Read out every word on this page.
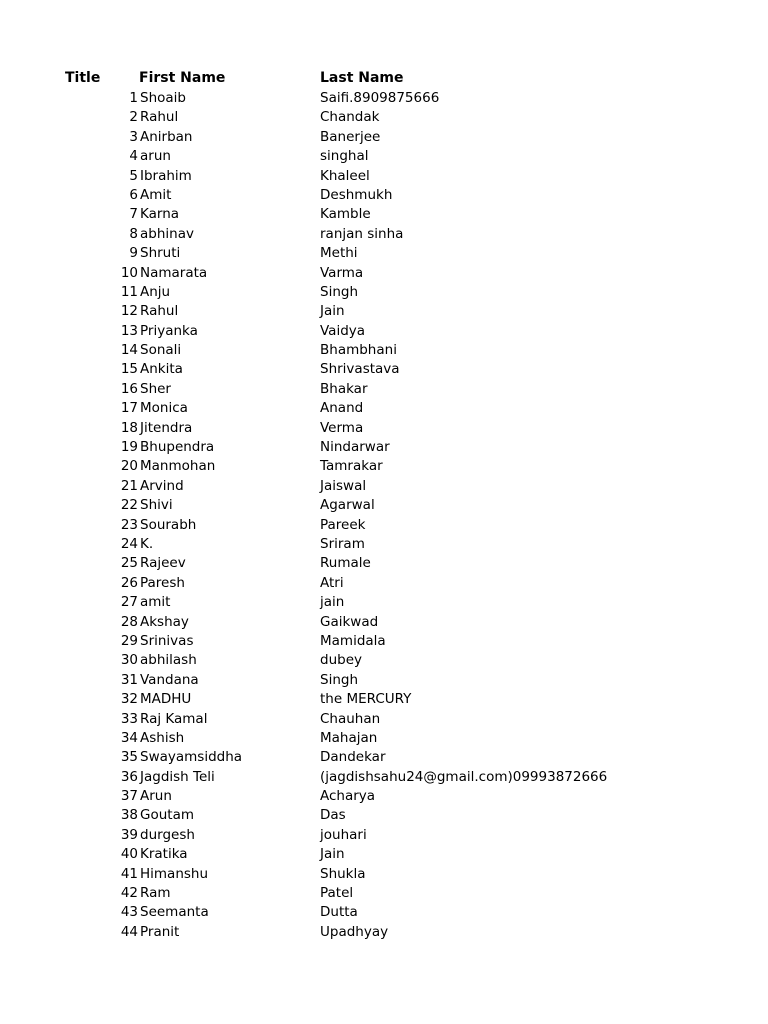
Title	First Name	Last Name
1 Shoaib	Saifi.8909875666
2 Rahul	Chandak
3 Anirban	Banerjee
4 arun	singhal
5 Ibrahim	Khaleel
6 Amit	Deshmukh
7 Karna	Kamble
8 abhinav	ranjan sinha
9 Shruti	Methi
10 Namarata	Varma
11 Anju	Singh
12 Rahul	Jain
13 Priyanka	Vaidya
14 Sonali	Bhambhani
15 Ankita	Shrivastava
16 Sher	Bhakar
17 Monica	Anand
18 Jitendra	Verma
19 Bhupendra	Nindarwar
20 Manmohan	Tamrakar
21 Arvind	Jaiswal
22 Shivi	Agarwal
23 Sourabh	Pareek
24 K.	Sriram
25 Rajeev	Rumale
26 Paresh	Atri
27 amit	jain
28 Akshay	Gaikwad
29 Srinivas	Mamidala
30 abhilash	dubey
31 Vandana	Singh
32 MADHU	the MERCURY
33 Raj Kamal	Chauhan
34 Ashish	Mahajan
35 Swayamsiddha	Dandekar
36 Jagdish Teli	(jagdishsahu24@gmail.com)09993872666
37 Arun	Acharya
38 Goutam	Das
39 durgesh	jouhari
40 Kratika	Jain
41 Himanshu	Shukla
42 Ram	Patel
43 Seemanta	Dutta
44 Pranit	Upadhyay
